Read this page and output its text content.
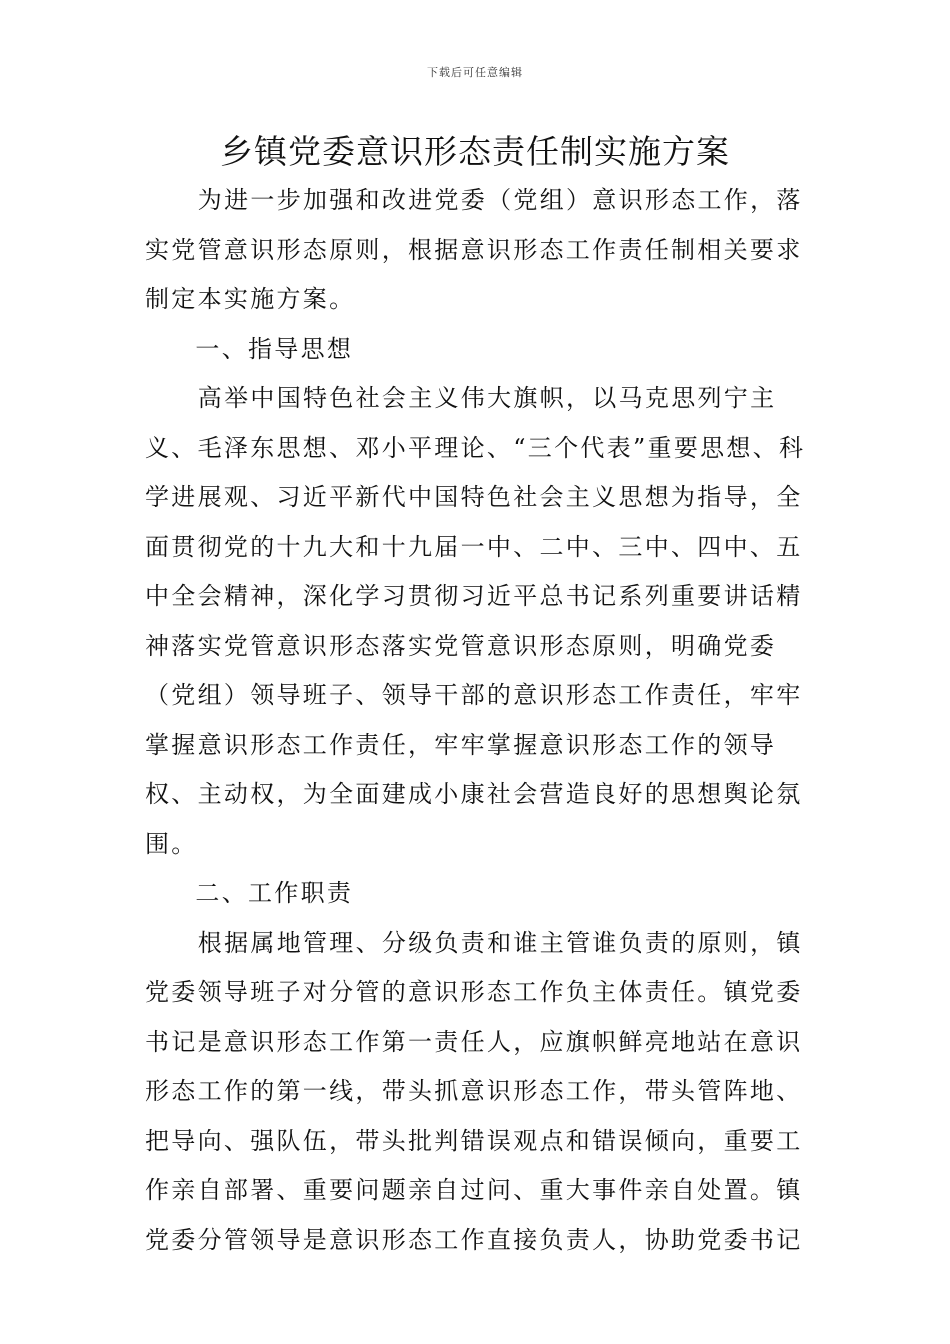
下载后可任意编辑
乡镇党委意识形态责任制实施方案

为进一步加强和改进党委（党组）意识形态工作，落实党管意识形态原则，根据意识形态工作责任制相关要求制定本实施方案。

一、指导思想

高举中国特色社会主义伟大旗帜，以马克思列宁主义、毛泽东思想、邓小平理论、“三个代表”重要思想、科学进展观、习近平新代中国特色社会主义思想为指导，全面贯彻党的十九大和十九届一中、二中、三中、四中、五中全会精神，深化学习贯彻习近平总书记系列重要讲话精神落实党管意识形态落实党管意识形态原则，明确党委（党组）领导班子、领导干部的意识形态工作责任，牢牢掌握意识形态工作责任，牢牢掌握意识形态工作的领导权、主动权，为全面建成小康社会营造良好的思想舆论氛围。

二、工作职责

根据属地管理、分级负责和谁主管谁负责的原则，镇党委领导班子对分管的意识形态工作负主体责任。镇党委书记是意识形态工作第一责任人，应旗帜鲜亮地站在意识形态工作的第一线，带头抓意识形态工作，带头管阵地、把导向、强队伍，带头批判错误观点和错误倾向，重要工作亲自部署、重要问题亲自过问、重大事件亲自处置。镇党委分管领导是意识形态工作直接负责人，协助党委书记
